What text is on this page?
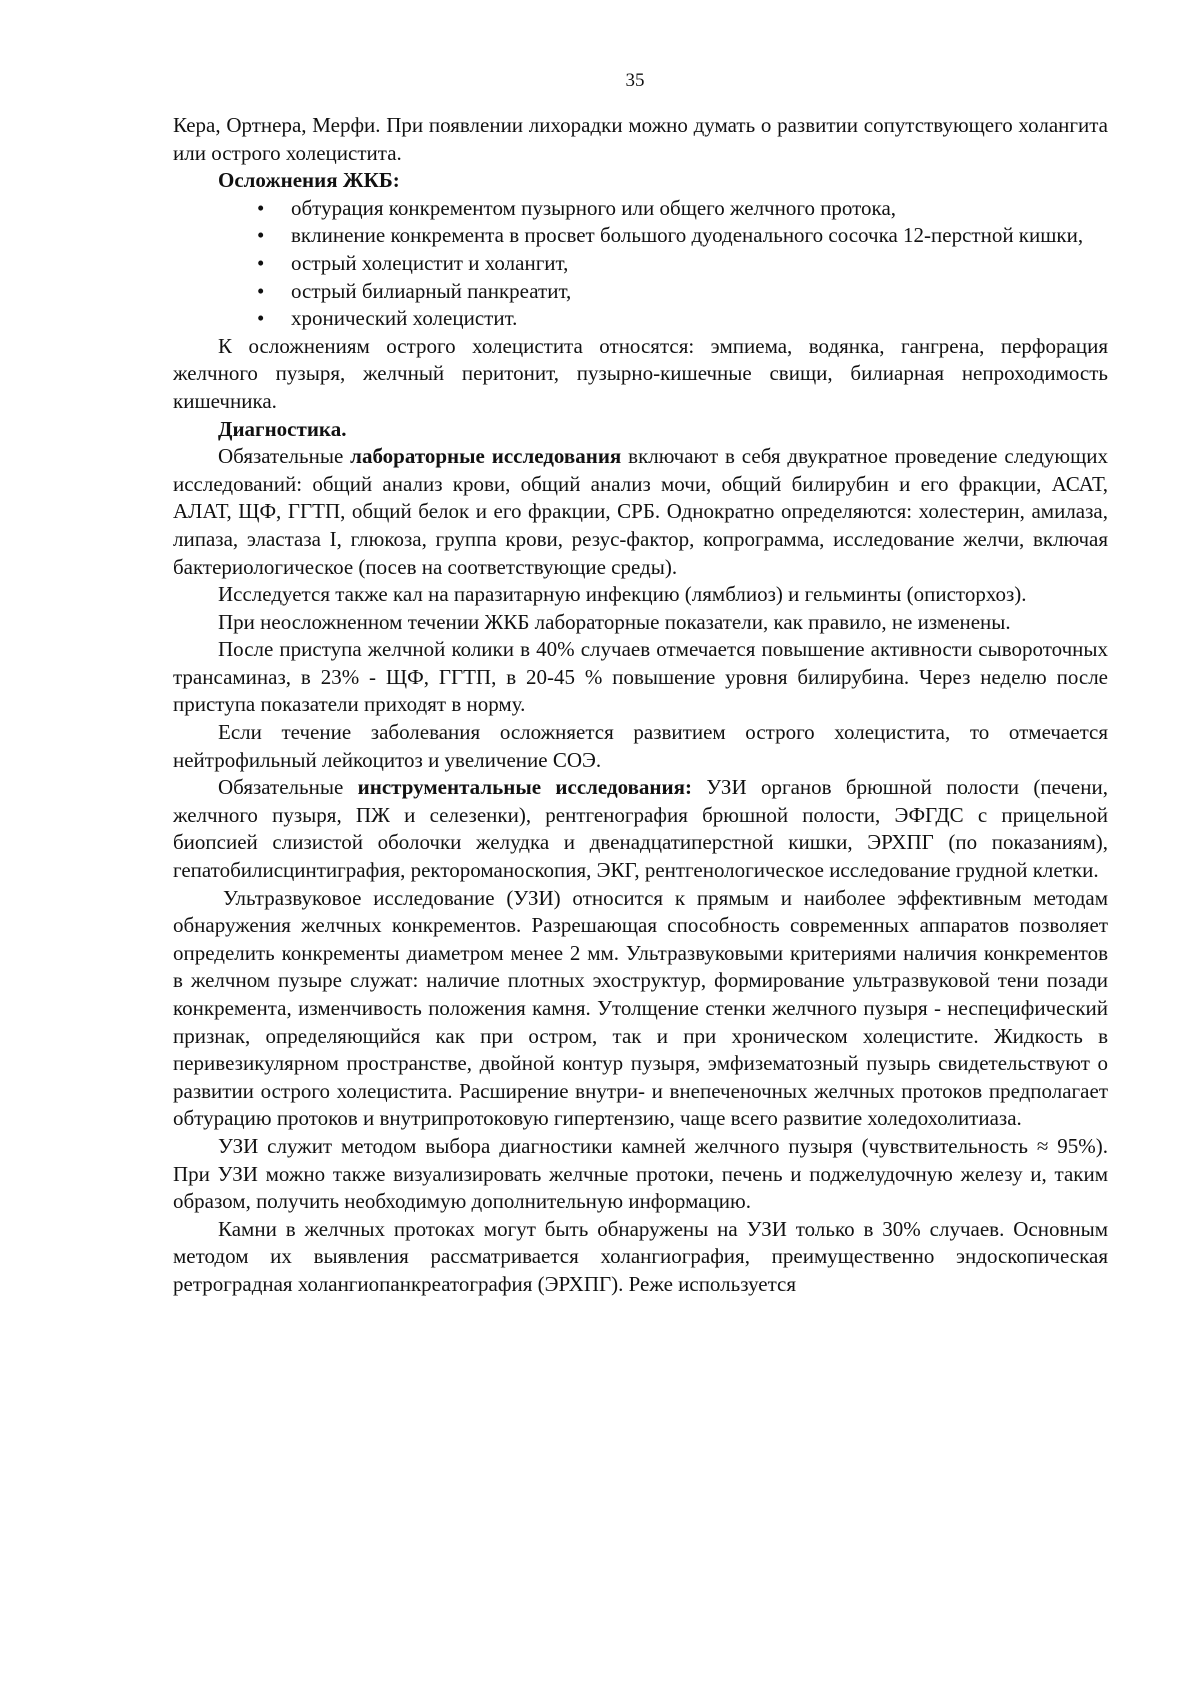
35

Кера, Ортнера, Мерфи. При появлении лихорадки можно думать о развитии сопутствующего холангита или острого холецистита.

Осложнения ЖКБ:

• обтурация конкрементом пузырного или общего желчного протока,
• вклинение конкремента в просвет большого дуоденального сосочка 12-перстной кишки,
• острый холецистит и холангит,
• острый билиарный панкреатит,
• хронический холецистит.

К осложнениям острого холецистита относятся: эмпиема, водянка, гангрена, перфорация желчного пузыря, желчный перитонит, пузырно-кишечные свищи, билиарная непроходимость кишечника.

Диагностика.

Обязательные лабораторные исследования включают в себя двукратное проведение следующих исследований: общий анализ крови, общий анализ мочи, общий билирубин и его фракции, АСАТ, АЛАТ, ЩФ, ГГТП, общий белок и его фракции, СРБ. Однократно определяются: холестерин, амилаза, липаза, эластаза I, глюкоза, группа крови, резус-фактор, копрограмма, исследование желчи, включая бактериологическое (посев на соответствующие среды).

Исследуется также кал на паразитарную инфекцию (лямблиоз) и гельминты (описторхоз).

При неосложненном течении ЖКБ лабораторные показатели, как правило, не изменены.

После приступа желчной колики в 40% случаев отмечается повышение активности сывороточных трансаминаз, в 23% - ЩФ, ГГТП, в 20-45 % повышение уровня билирубина. Через неделю после приступа показатели приходят в норму.

Если течение заболевания осложняется развитием острого холецистита, то отмечается нейтрофильный лейкоцитоз и увеличение СОЭ.

Обязательные инструментальные исследования: УЗИ органов брюшной полости (печени, желчного пузыря, ПЖ и селезенки), рентгенография брюшной полости, ЭФГДС с прицельной биопсией слизистой оболочки желудка и двенадцатиперстной кишки, ЭРХПГ (по показаниям), гепатобилисцинтиграфия, ректороманоскопия, ЭКГ, рентгенологическое исследование грудной клетки.

Ультразвуковое исследование (УЗИ) относится к прямым и наиболее эффективным методам обнаружения желчных конкрементов. Разрешающая способность современных аппаратов позволяет определить конкременты диаметром менее 2 мм. Ультразвуковыми критериями наличия конкрементов в желчном пузыре служат: наличие плотных эхоструктур, формирование ультразвуковой тени позади конкремента, изменчивость положения камня. Утолщение стенки желчного пузыря - неспецифический признак, определяющийся как при остром, так и при хроническом холецистите. Жидкость в перивезикулярном пространстве, двойной контур пузыря, эмфизематозный пузырь свидетельствуют о развитии острого холецистита. Расширение внутри- и внепеченочных желчных протоков предполагает обтурацию протоков и внутрипротоковую гипертензию, чаще всего развитие холедохолитиаза.

УЗИ служит методом выбора диагностики камней желчного пузыря (чувствительность ≈ 95%). При УЗИ можно также визуализировать желчные протоки, печень и поджелудочную железу и, таким образом, получить необходимую дополнительную информацию.

Камни в желчных протоках могут быть обнаружены на УЗИ только в 30% случаев. Основным методом их выявления рассматривается холангиография, преимущественно эндоскопическая ретроградная холангиопанкреатография (ЭРХПГ). Реже используется
